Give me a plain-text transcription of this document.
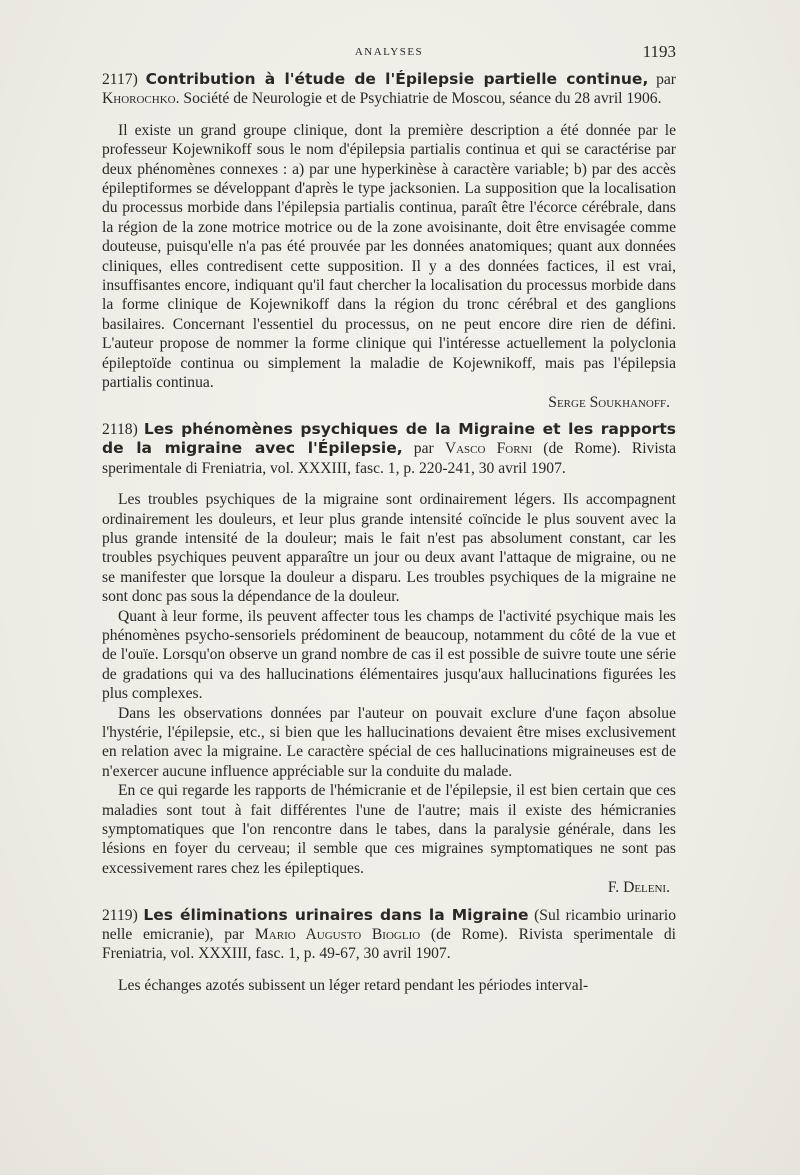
ANALYSES	1193

2117) Contribution à l'étude de l'Épilepsie partielle continue, par Khorochko. Société de Neurologie et de Psychiatrie de Moscou, séance du 28 avril 1906.

Il existe un grand groupe clinique, dont la première description a été donnée par le professeur Kojewnikoff sous le nom d'épilepsia partialis continua et qui se caractérise par deux phénomènes connexes : a) par une hyperkinèse à caractère variable; b) par des accès épileptiformes se développant d'après le type jacksonien. La supposition que la localisation du processus morbide dans l'épilepsia partialis continua, paraît être l'écorce cérébrale, dans la région de la zone motrice motrice ou de la zone avoisinante, doit être envisagée comme douteuse, puisqu'elle n'a pas été prouvée par les données anatomiques; quant aux données cliniques, elles contredisent cette supposition. Il y a des données factices, il est vrai, insuffisantes encore, indiquant qu'il faut chercher la localisation du processus morbide dans la forme clinique de Kojewnikoff dans la région du tronc cérébral et des ganglions basilaires. Concernant l'essentiel du processus, on ne peut encore dire rien de défini. L'auteur propose de nommer la forme clinique qui l'intéresse actuellement la polyclonia épileptoïde continua ou simplement la maladie de Kojewnikoff, mais pas l'épilepsia partialis continua.

Serge Soukhanoff.

2118) Les phénomènes psychiques de la Migraine et les rapports de la migraine avec l'Épilepsie, par Vasco Forni (de Rome). Rivista sperimentale di Freniatria, vol. XXXIII, fasc. 1, p. 220-241, 30 avril 1907.

Les troubles psychiques de la migraine sont ordinairement légers. Ils accompagnent ordinairement les douleurs, et leur plus grande intensité coïncide le plus souvent avec la plus grande intensité de la douleur; mais le fait n'est pas absolument constant, car les troubles psychiques peuvent apparaître un jour ou deux avant l'attaque de migraine, ou ne se manifester que lorsque la douleur a disparu. Les troubles psychiques de la migraine ne sont donc pas sous la dépendance de la douleur.

Quant à leur forme, ils peuvent affecter tous les champs de l'activité psychique mais les phénomènes psycho-sensoriels prédominent de beaucoup, notamment du côté de la vue et de l'ouïe. Lorsqu'on observe un grand nombre de cas il est possible de suivre toute une série de gradations qui va des hallucinations élémentaires jusqu'aux hallucinations figurées les plus complexes.

Dans les observations données par l'auteur on pouvait exclure d'une façon absolue l'hystérie, l'épilepsie, etc., si bien que les hallucinations devaient être mises exclusivement en relation avec la migraine. Le caractère spécial de ces hallucinations migraineuses est de n'exercer aucune influence appréciable sur la conduite du malade.

En ce qui regarde les rapports de l'hémicranie et de l'épilepsie, il est bien certain que ces maladies sont tout à fait différentes l'une de l'autre; mais il existe des hémicranies symptomatiques que l'on rencontre dans le tabes, dans la paralysie générale, dans les lésions en foyer du cerveau; il semble que ces migraines symptomatiques ne sont pas excessivement rares chez les épileptiques.

F. Deleni.

2119) Les éliminations urinaires dans la Migraine (Sul ricambio urinario nelle emicranie), par Mario Augusto Bioglio (de Rome). Rivista sperimentale di Freniatria, vol. XXXIII, fasc. 1, p. 49-67, 30 avril 1907.

Les échanges azotés subissent un léger retard pendant les périodes interval-
